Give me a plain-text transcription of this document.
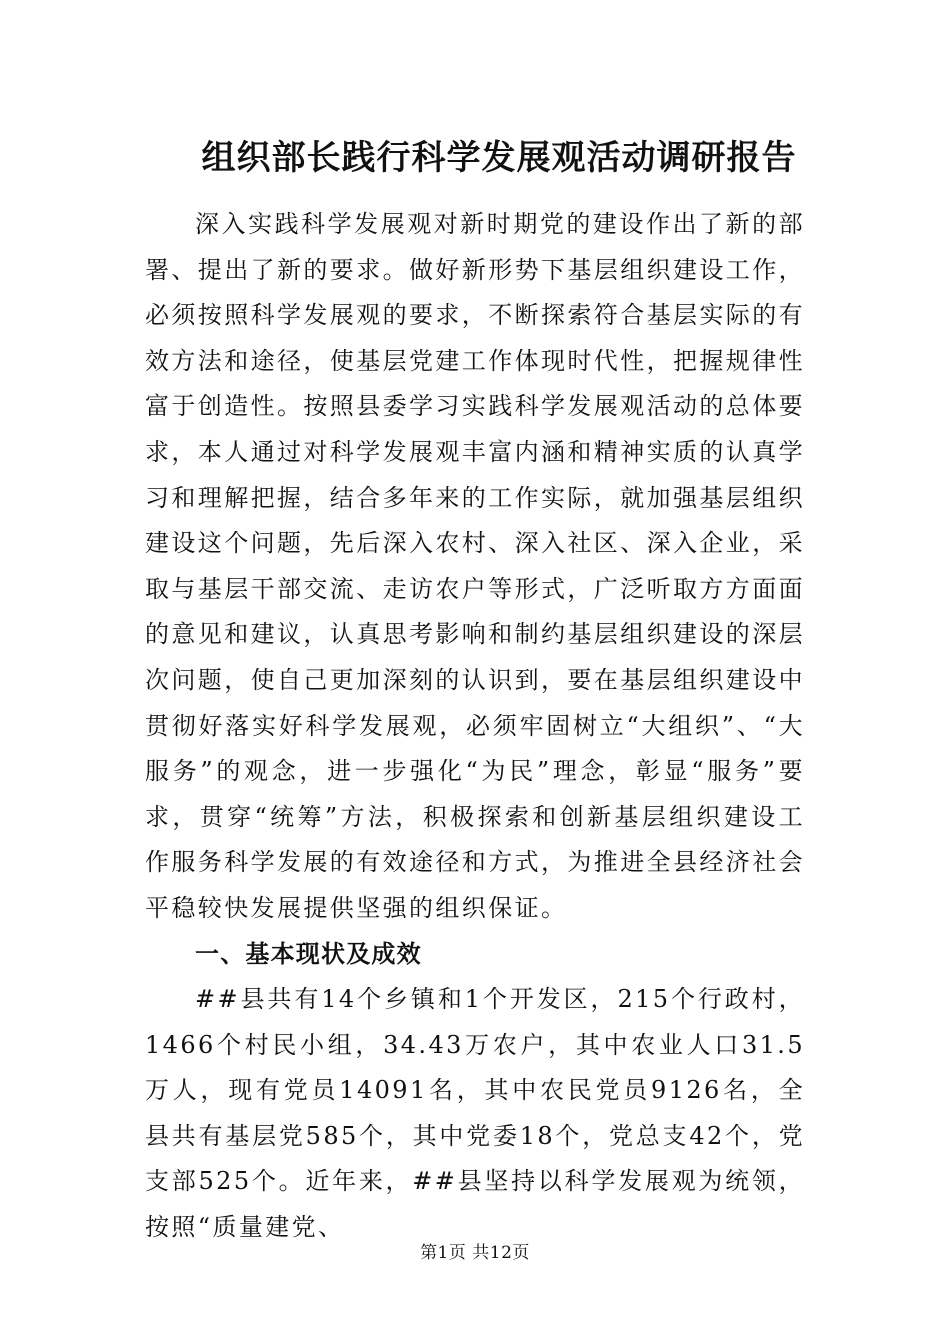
组织部长践行科学发展观活动调研报告

深入实践科学发展观对新时期党的建设作出了新的部署、提出了新的要求。做好新形势下基层组织建设工作，必须按照科学发展观的要求，不断探索符合基层实际的有效方法和途径，使基层党建工作体现时代性，把握规律性富于创造性。按照县委学习实践科学发展观活动的总体要求，本人通过对科学发展观丰富内涵和精神实质的认真学习和理解把握，结合多年来的工作实际，就加强基层组织建设这个问题，先后深入农村、深入社区、深入企业，采取与基层干部交流、走访农户等形式，广泛听取方方面面的意见和建议，认真思考影响和制约基层组织建设的深层次问题，使自己更加深刻的认识到，要在基层组织建设中贯彻好落实好科学发展观，必须牢固树立“大组织”、“大服务”的观念，进一步强化“为民”理念，彰显“服务”要求，贯穿“统筹”方法，积极探索和创新基层组织建设工作服务科学发展的有效途径和方式，为推进全县经济社会平稳较快发展提供坚强的组织保证。

一、基本现状及成效

##县共有14个乡镇和1个开发区，215个行政村，1466个村民小组，34.43万农户，其中农业人口31.5万人，现有党员14091名，其中农民党员9126名，全县共有基层党585个，其中党委18个，党总支42个，党支部525个。近年来，##县坚持以科学发展观为统领，按照“质量建党、

第1页 共12页
